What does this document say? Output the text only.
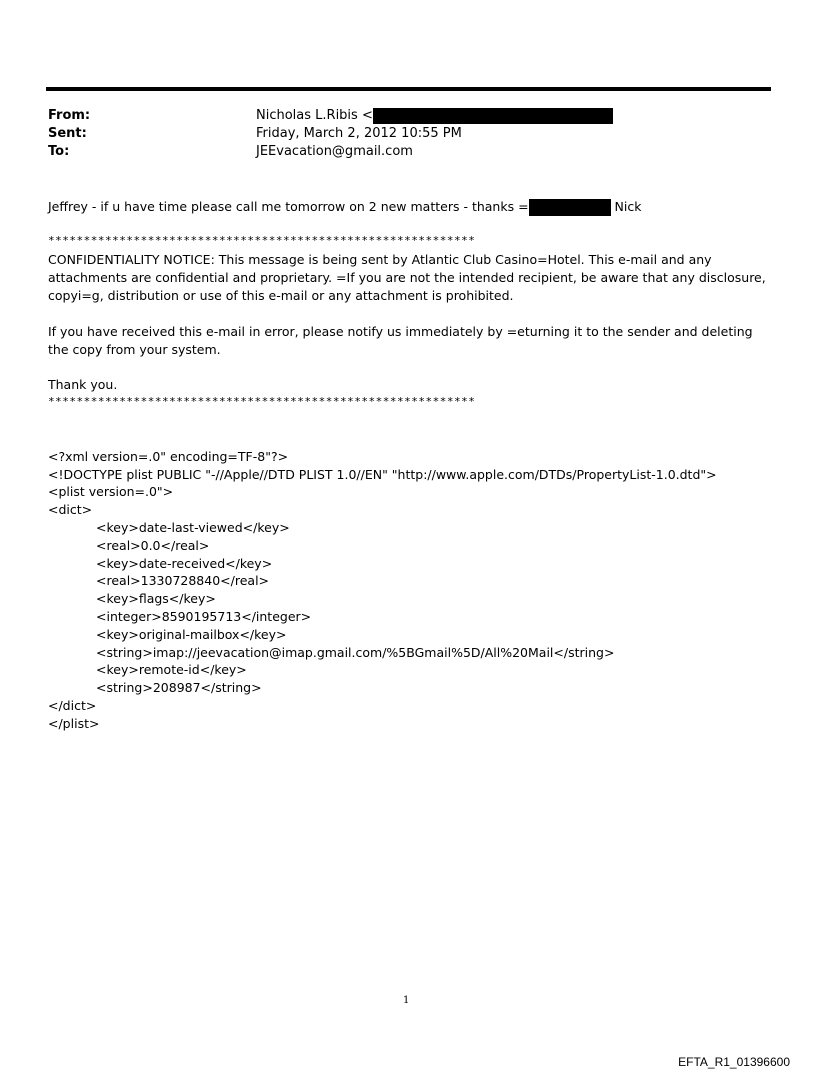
From:	Nicholas L.Ribis <
Sent:	Friday, March 2, 2012 10:55 PM
To:	JEEvacation@gmail.com
Jeffrey - if u have time please call me tomorrow on 2 new matters - thanks =	Nick
************************************************************
CONFIDENTIALITY NOTICE: This message is being sent by Atlantic Club Casino=Hotel. This e-mail and any attachments are confidential and proprietary. =If you are not the intended recipient, be aware that any disclosure, copyi=g, distribution or use of this e-mail or any attachment is prohibited.
If you have received this e-mail in error, please notify us immediately by =eturning it to the sender and deleting the copy from your system.
Thank you.
************************************************************

<?xml version=.0" encoding=TF-8"?>
<!DOCTYPE plist PUBLIC "-//Apple//DTD PLIST 1.0//EN" "http://www.apple.com/DTDs/PropertyList-1.0.dtd">
<plist version=.0">
<dict>
<key>date-last-viewed</key>
<real>0.0</real>
<key>date-received</key>
<real>1330728840</real>
<key>flags</key>
<integer>8590195713</integer>
<key>original-mailbox</key>
<string>imap://jeevacation@imap.gmail.com/%5BGmail%5D/All%20Mail</string>
<key>remote-id</key>
<string>208987</string>
</dict>
</plist>

1
EFTA_R1_01396600
